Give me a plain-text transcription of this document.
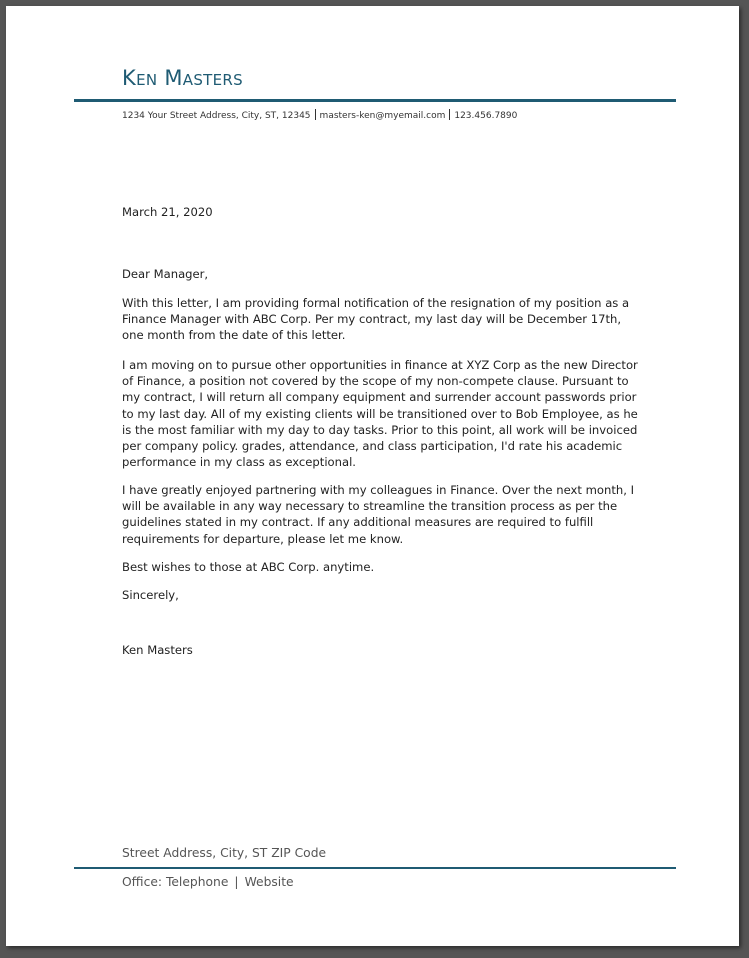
Ken Masters
1234 Your Street Address, City, ST, 12345 masters-ken@myemail.com 123.456.7890
March 21, 2020
Dear Manager,
With this letter, I am providing formal notification of the resignation of my position as a Finance Manager with ABC Corp. Per my contract, my last day will be December 17th, one month from the date of this letter.
I am moving on to pursue other opportunities in finance at XYZ Corp as the new Director of Finance, a position not covered by the scope of my non-compete clause. Pursuant to my contract, I will return all company equipment and surrender account passwords prior to my last day. All of my existing clients will be transitioned over to Bob Employee, as he is the most familiar with my day to day tasks. Prior to this point, all work will be invoiced per company policy. grades, attendance, and class participation, I'd rate his academic performance in my class as exceptional.
I have greatly enjoyed partnering with my colleagues in Finance. Over the next month, I will be available in any way necessary to streamline the transition process as per the guidelines stated in my contract. If any additional measures are required to fulfill requirements for departure, please let me know.
Best wishes to those at ABC Corp. anytime.
Sincerely,
Ken Masters
Street Address, City, ST ZIP Code
Office: Telephone | Website
